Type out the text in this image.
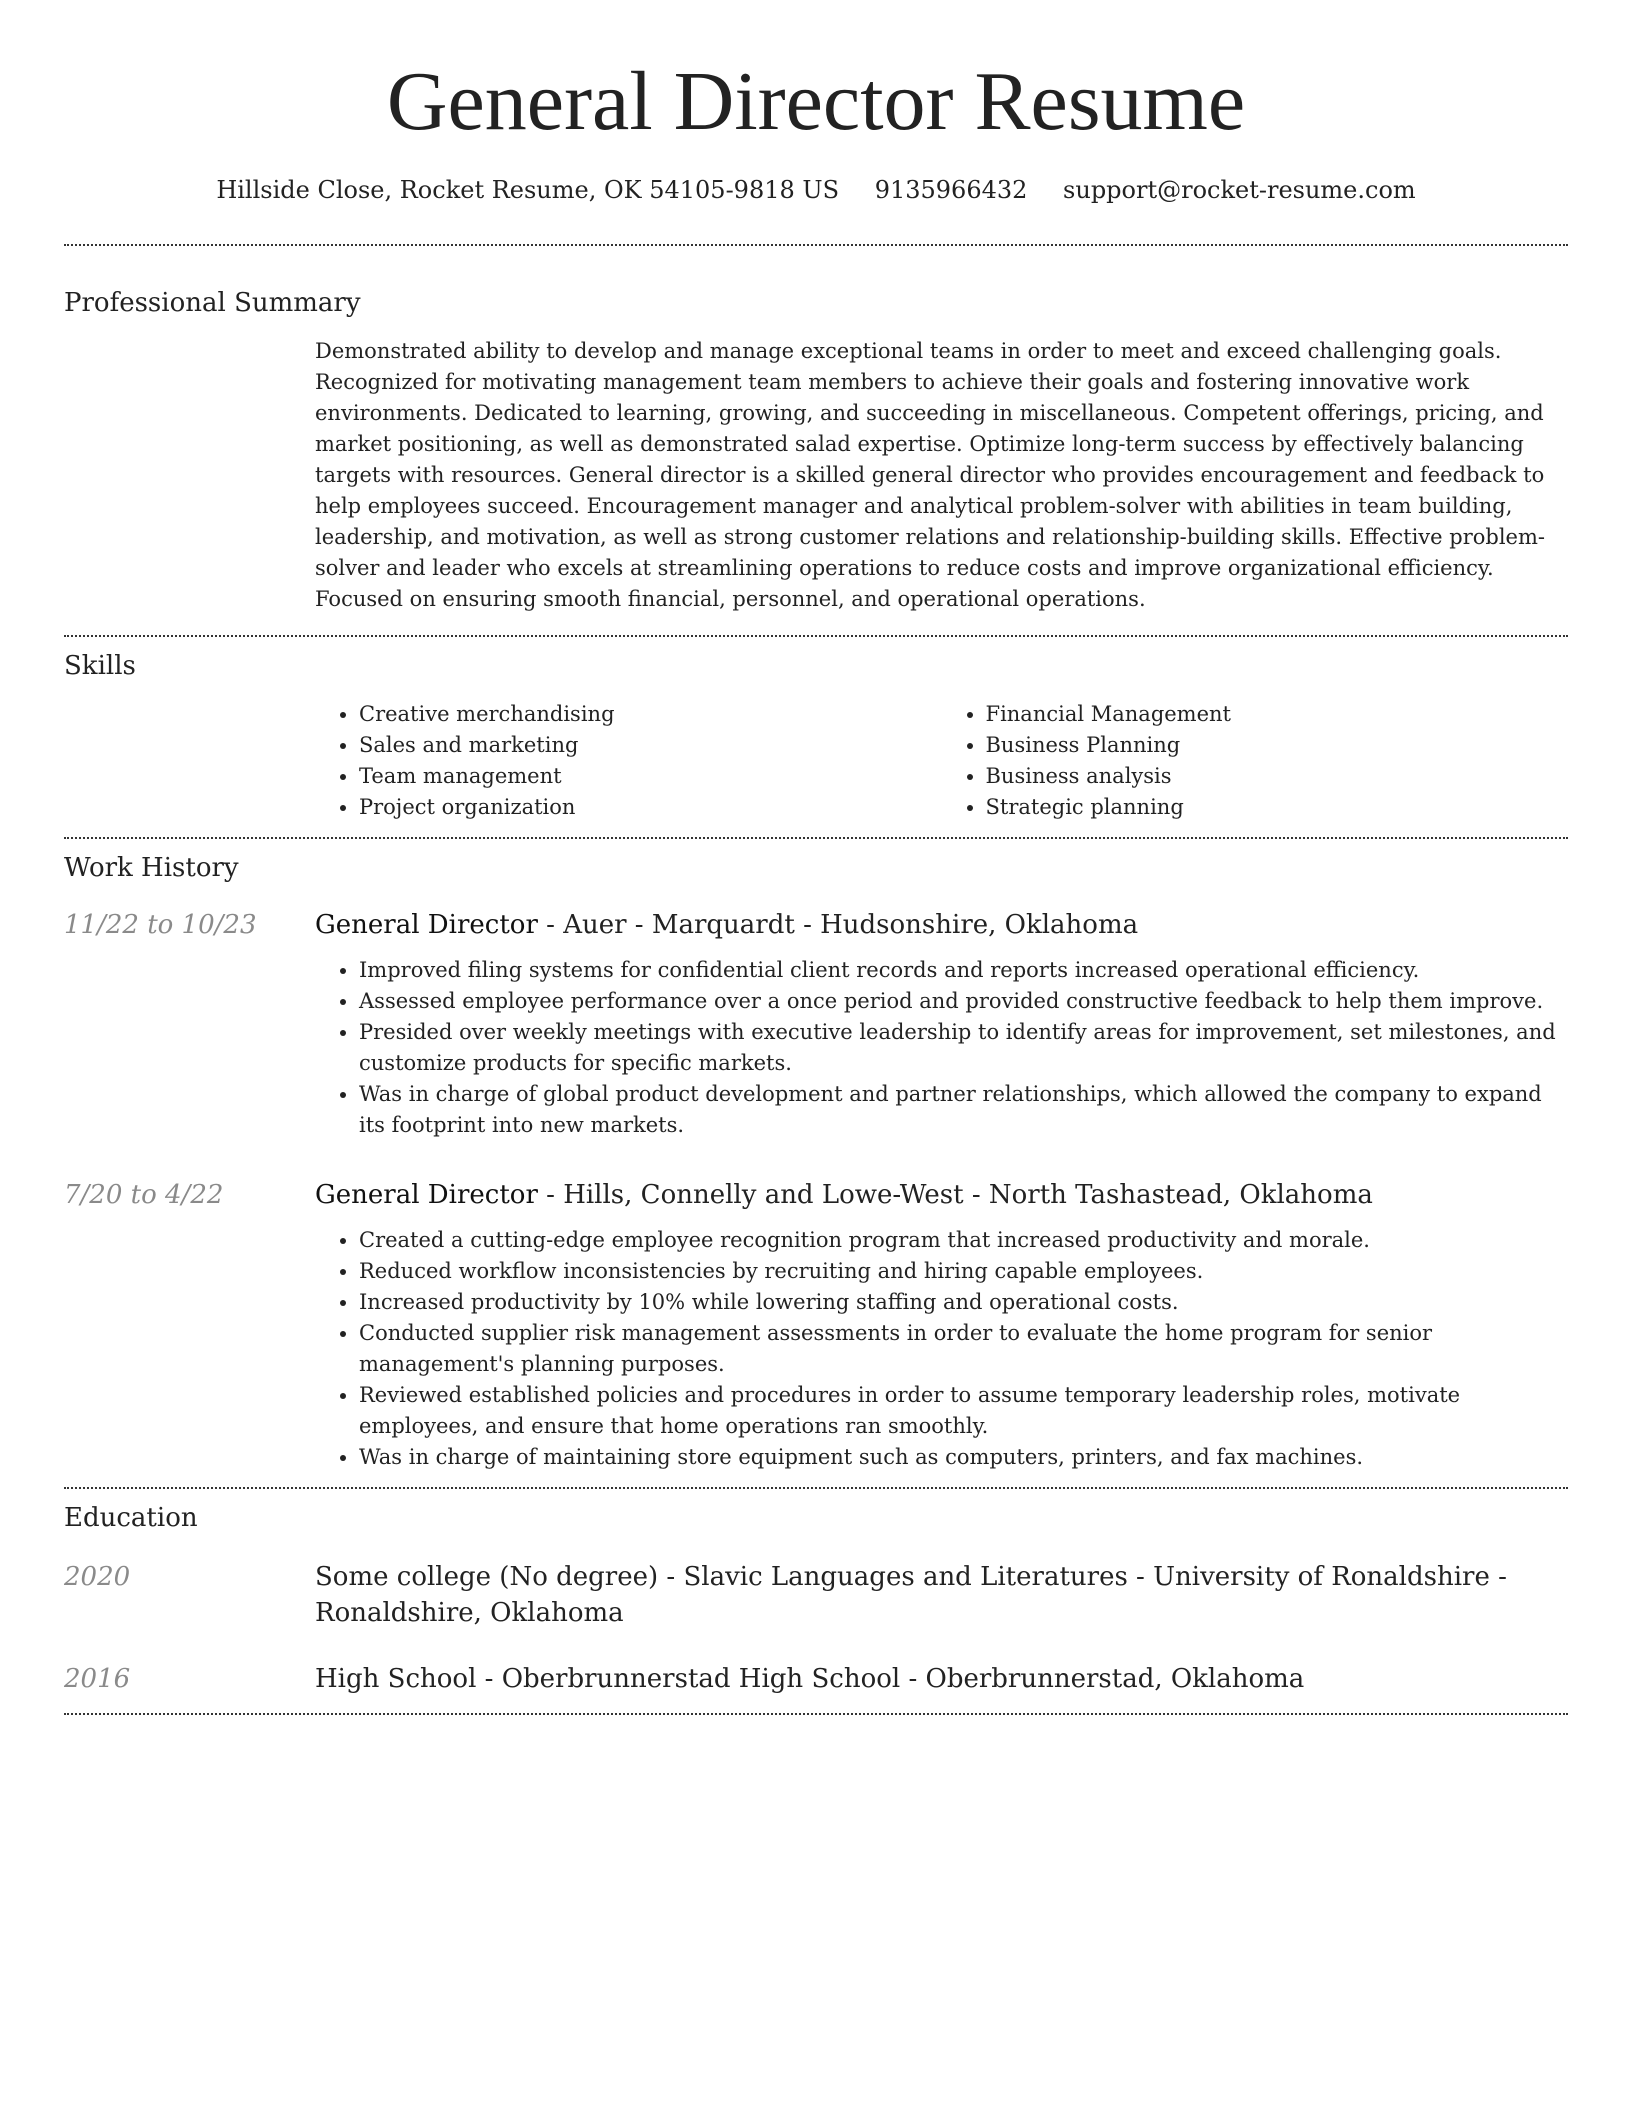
General Director Resume
Hillside Close, Rocket Resume, OK 54105-9818 US 9135966432 support@rocket-resume.com
Professional Summary

Demonstrated ability to develop and manage exceptional teams in order to meet and exceed challenging goals. Recognized for motivating management team members to achieve their goals and fostering innovative work environments. Dedicated to learning, growing, and succeeding in miscellaneous. Competent offerings, pricing, and market positioning, as well as demonstrated salad expertise. Optimize long-term success by effectively balancing targets with resources. General director is a skilled general director who provides encouragement and feedback to help employees succeed. Encouragement manager and analytical problem-solver with abilities in team building, leadership, and motivation, as well as strong customer relations and relationship-building skills. Effective problem-solver and leader who excels at streamlining operations to reduce costs and improve organizational efficiency. Focused on ensuring smooth financial, personnel, and operational operations.

Skills
• Creative merchandising
• Sales and marketing
• Team management
• Project organization
• Financial Management
• Business Planning
• Business analysis
• Strategic planning
Work History
11/22 to 10/23	General Director - Auer - Marquardt - Hudsonshire, Oklahoma
• Improved filing systems for confidential client records and reports increased operational efficiency.
• Assessed employee performance over a once period and provided constructive feedback to help them improve.
• Presided over weekly meetings with executive leadership to identify areas for improvement, set milestones, and customize products for specific markets.
• Was in charge of global product development and partner relationships, which allowed the company to expand its footprint into new markets.
7/20 to 4/22	General Director - Hills, Connelly and Lowe-West - North Tashastead, Oklahoma
• Created a cutting-edge employee recognition program that increased productivity and morale.
• Reduced workflow inconsistencies by recruiting and hiring capable employees.
• Increased productivity by 10% while lowering staffing and operational costs.
• Conducted supplier risk management assessments in order to evaluate the home program for senior management's planning purposes.
• Reviewed established policies and procedures in order to assume temporary leadership roles, motivate employees, and ensure that home operations ran smoothly.
• Was in charge of maintaining store equipment such as computers, printers, and fax machines.
Education
2020	Some college (No degree) - Slavic Languages and Literatures - University of Ronaldshire - Ronaldshire, Oklahoma
2016	High School - Oberbrunnerstad High School - Oberbrunnerstad, Oklahoma
